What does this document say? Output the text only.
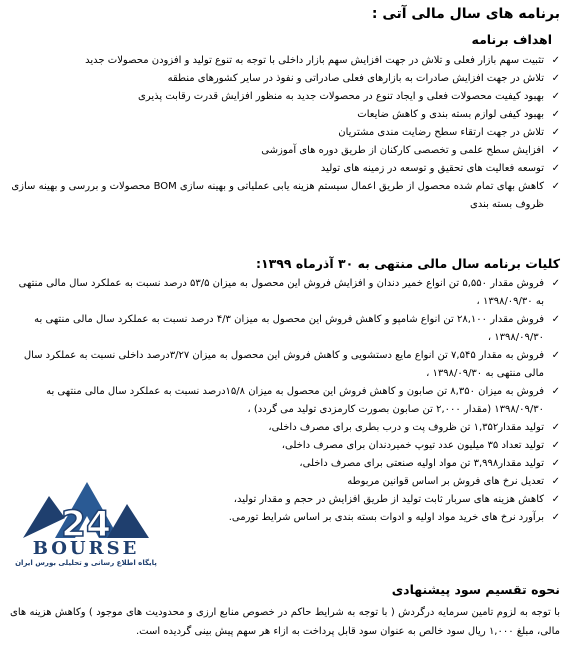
برنامه های سال مالی آتی :
اهداف برنامه
✓
تثبیت سهم بازار فعلی و تلاش در جهت افزایش سهم بازار داخلی با توجه به تنوع تولید و افزودن محصولات جدید
✓
تلاش در جهت افزایش صادرات به بازارهای فعلی صادراتی و نفوذ در سایر کشورهای منطقه
✓
بهبود کیفیت محصولات فعلی و ایجاد تنوع در محصولات جدید به منظور افزایش قدرت رقابت پذیری
✓
بهبود کیفی لوازم بسته بندی و کاهش ضایعات
✓
تلاش در جهت ارتقاء سطح رضایت مندی مشتریان
✓
افزایش سطح علمی و تخصصی کارکنان از طریق دوره های آموزشی
✓
توسعه فعالیت های تحقیق و توسعه در زمینه های تولید
✓
کاهش بهای تمام شده محصول از طریق اعمال سیستم هزینه یابی عملیاتی و بهینه سازی BOM محصولات و بررسی و بهینه سازی ظروف بسته بندی
کلیات برنامه سال مالی منتهی به ۳۰ آذرماه ۱۳۹۹:
✓
فروش مقدار ۵,۵۵۰ تن انواع خمیر دندان و افزایش فروش این محصول به میزان ۵۳/۵ درصد نسبت به عملکرد سال مالی منتهی به ۱۳۹۸/۰۹/۳۰ ،
✓
فروش مقدار ۲۸,۱۰۰ تن انواع شامپو و کاهش فروش این محصول به میزان ۴/۳ درصد نسبت به عملکرد سال مالی منتهی به ۱۳۹۸/۰۹/۳۰ ،
✓
فروش به مقدار ۷,۵۴۵ تن انواع مایع دستشویی و کاهش فروش این محصول به میزان ۳/۲۷درصد داخلی نسبت به عملکرد سال مالی منتهی به ۱۳۹۸/۰۹/۳۰ ،
✓
فروش به میزان ۸,۳۵۰ تن صابون و کاهش فروش این محصول به میزان ۱۵/۸درصد نسبت به عملکرد سال مالی منتهی به ۱۳۹۸/۰۹/۳۰ (مقدار ۲,۰۰۰ تن صابون بصورت کارمزدی تولید می گردد) ،
✓
تولید مقدار۱,۳۵۲ تن ظروف پت و درب بطری برای مصرف داخلی،
✓
تولید تعداد ۳۵ میلیون عدد تیوپ خمیردندان برای مصرف داخلی،
✓
تولید مقدار۳,۹۹۸ تن مواد اولیه صنعتی برای مصرف داخلی،
✓
تعدیل نرخ های فروش بر اساس قوانین مربوطه
✓
کاهش هزینه های سربار ثابت تولید از طریق افزایش در حجم و مقدار تولید،
✓
برآورد نرخ های خرید مواد اولیه و ادوات بسته بندی بر اساس شرایط تورمی.
نحوه تقسیم سود پیشنهادی

با توجه به لزوم تامین سرمایه درگردش ( با توجه به شرایط حاکم در خصوص منابع ارزی و محدودیت های موجود ) وکاهش هزینه های مالی، مبلغ ۱,۰۰۰ ریال سود خالص به عنوان سود قابل پرداخت به ازاء هر سهم پیش بینی گردیده است.

24
BOURSE
پایگاه اطلاع رسانی و تحلیلی بورس ایران
